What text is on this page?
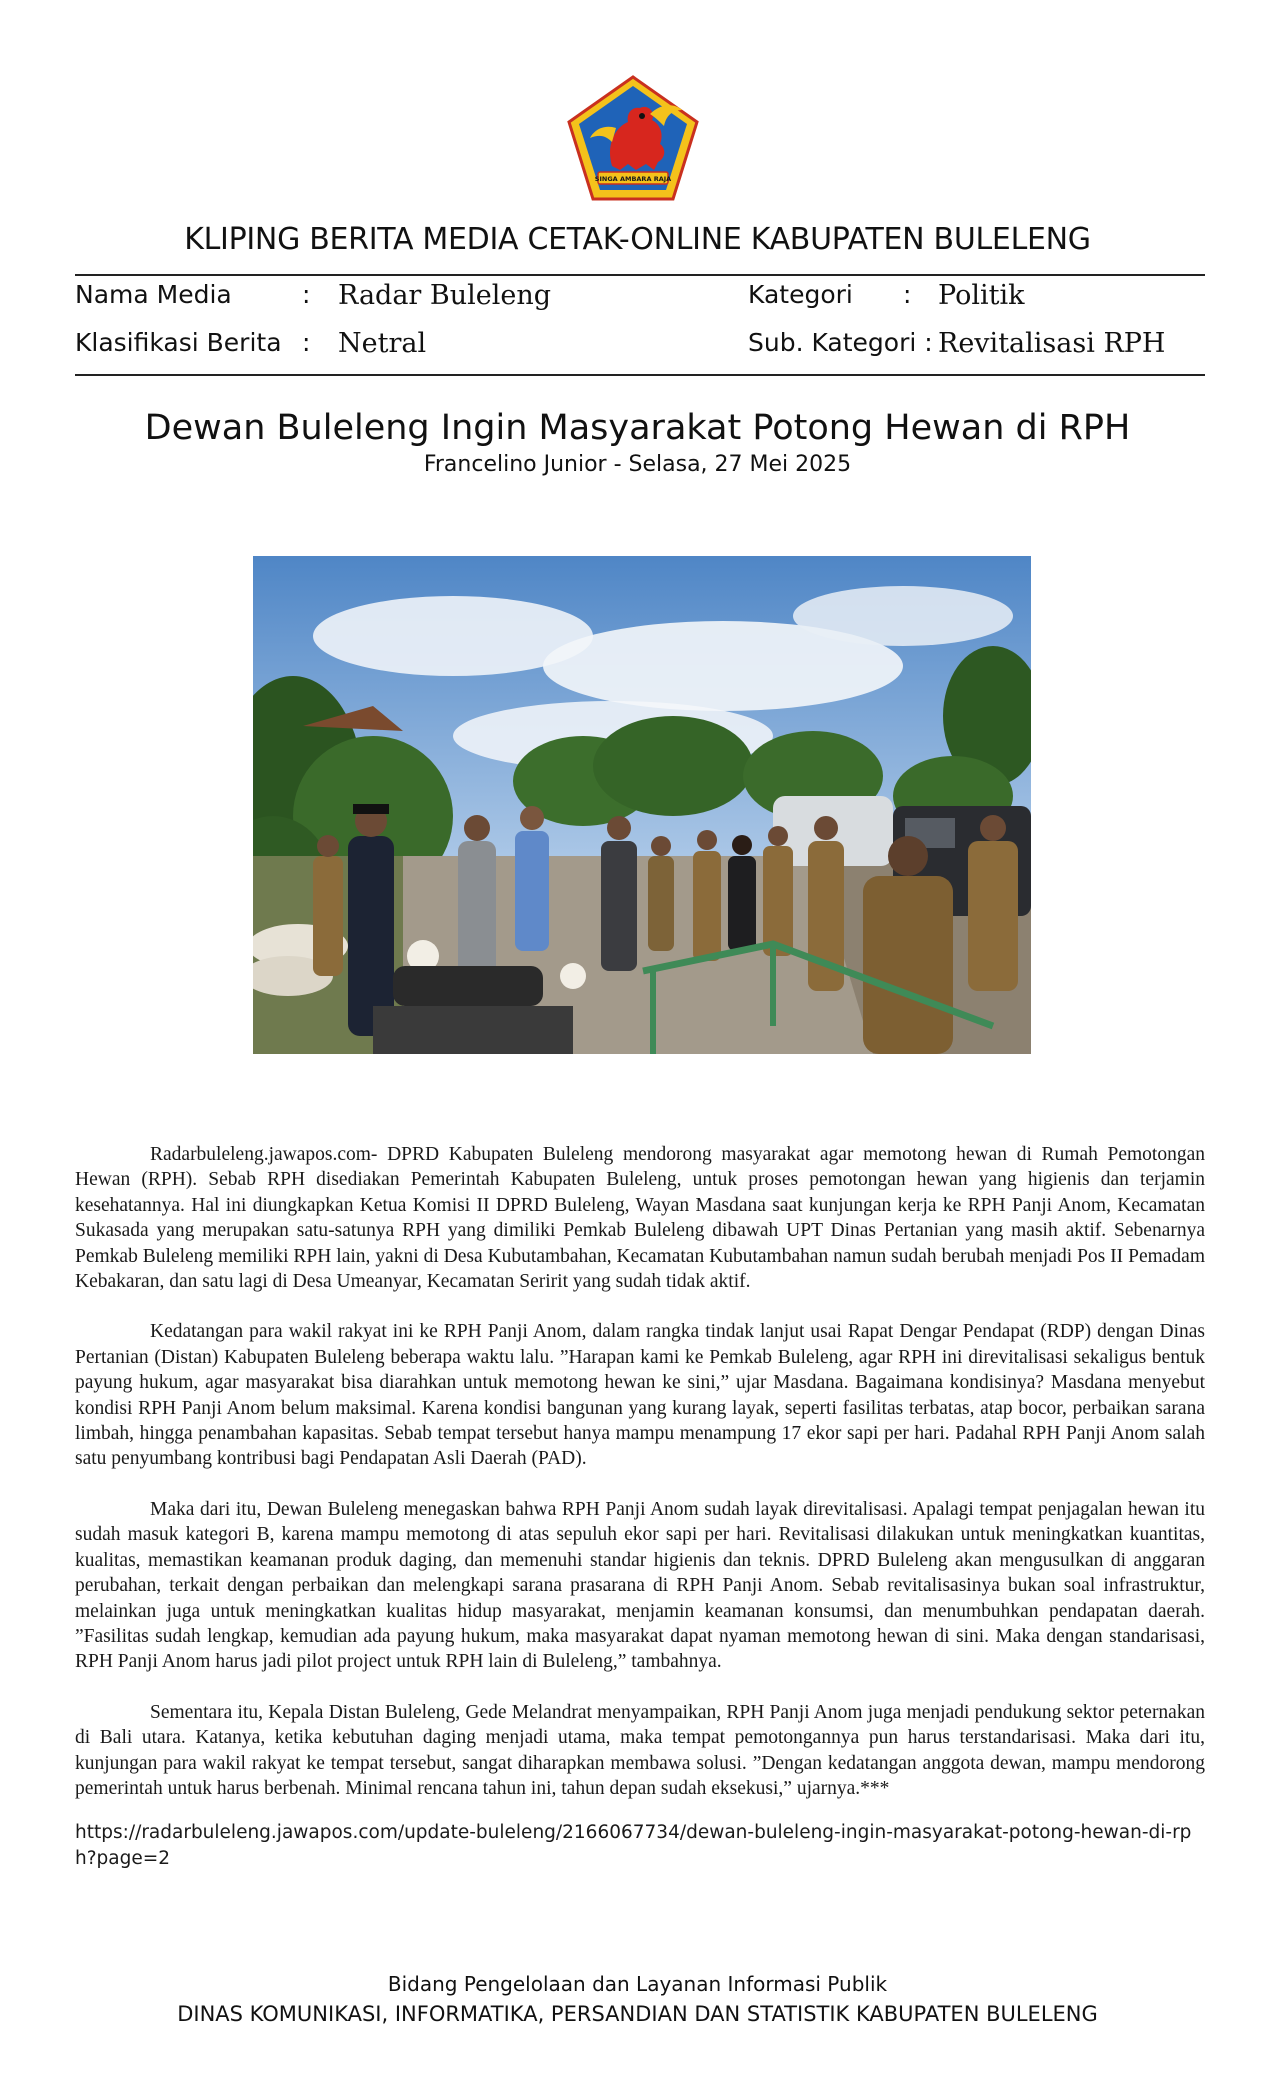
SINGA AMBARA RAJA
KLIPING BERITA MEDIA CETAK-ONLINE KABUPATEN BULELENG
Nama Media	: Radar Buleleng	Kategori : Politik
Klasifikasi Berita : Netral	Sub. Kategori : Revitalisasi RPH
Dewan Buleleng Ingin Masyarakat Potong Hewan di RPH
Francelino Junior - Selasa, 27 Mei 2025

Radarbuleleng.jawapos.com- DPRD Kabupaten Buleleng mendorong masyarakat agar memotong hewan di Rumah Pemotongan Hewan (RPH). Sebab RPH disediakan Pemerintah Kabupaten Buleleng, untuk proses pemotongan hewan yang higienis dan terjamin kesehatannya. Hal ini diungkapkan Ketua Komisi II DPRD Buleleng, Wayan Masdana saat kunjungan kerja ke RPH Panji Anom, Kecamatan Sukasada yang merupakan satu-satunya RPH yang dimiliki Pemkab Buleleng dibawah UPT Dinas Pertanian yang masih aktif. Sebenarnya Pemkab Buleleng memiliki RPH lain, yakni di Desa Kubutambahan, Kecamatan Kubutambahan namun sudah berubah menjadi Pos II Pemadam Kebakaran, dan satu lagi di Desa Umeanyar, Kecamatan Seririt yang sudah tidak aktif.

Kedatangan para wakil rakyat ini ke RPH Panji Anom, dalam rangka tindak lanjut usai Rapat Dengar Pendapat (RDP) dengan Dinas Pertanian (Distan) Kabupaten Buleleng beberapa waktu lalu. ”Harapan kami ke Pemkab Buleleng, agar RPH ini direvitalisasi sekaligus bentuk payung hukum, agar masyarakat bisa diarahkan untuk memotong hewan ke sini,” ujar Masdana. Bagaimana kondisinya? Masdana menyebut kondisi RPH Panji Anom belum maksimal. Karena kondisi bangunan yang kurang layak, seperti fasilitas terbatas, atap bocor, perbaikan sarana limbah, hingga penambahan kapasitas. Sebab tempat tersebut hanya mampu menampung 17 ekor sapi per hari. Padahal RPH Panji Anom salah satu penyumbang kontribusi bagi Pendapatan Asli Daerah (PAD).

Maka dari itu, Dewan Buleleng menegaskan bahwa RPH Panji Anom sudah layak direvitalisasi. Apalagi tempat penjagalan hewan itu sudah masuk kategori B, karena mampu memotong di atas sepuluh ekor sapi per hari. Revitalisasi dilakukan untuk meningkatkan kuantitas, kualitas, memastikan keamanan produk daging, dan memenuhi standar higienis dan teknis. DPRD Buleleng akan mengusulkan di anggaran perubahan, terkait dengan perbaikan dan melengkapi sarana prasarana di RPH Panji Anom. Sebab revitalisasinya bukan soal infrastruktur, melainkan juga untuk meningkatkan kualitas hidup masyarakat, menjamin keamanan konsumsi, dan menumbuhkan pendapatan daerah. ”Fasilitas sudah lengkap, kemudian ada payung hukum, maka masyarakat dapat nyaman memotong hewan di sini. Maka dengan standarisasi, RPH Panji Anom harus jadi pilot project untuk RPH lain di Buleleng,” tambahnya.

Sementara itu, Kepala Distan Buleleng, Gede Melandrat menyampaikan, RPH Panji Anom juga menjadi pendukung sektor peternakan di Bali utara. Katanya, ketika kebutuhan daging menjadi utama, maka tempat pemotongannya pun harus terstandarisasi. Maka dari itu, kunjungan para wakil rakyat ke tempat tersebut, sangat diharapkan membawa solusi. ”Dengan kedatangan anggota dewan, mampu mendorong pemerintah untuk harus berbenah. Minimal rencana tahun ini, tahun depan sudah eksekusi,” ujarnya.***

https://radarbuleleng.jawapos.com/update-buleleng/2166067734/dewan-buleleng-ingin-masyarakat-potong-hewan-di-rph?page=2
Bidang Pengelolaan dan Layanan Informasi Publik
DINAS KOMUNIKASI, INFORMATIKA, PERSANDIAN DAN STATISTIK KABUPATEN BULELENG
